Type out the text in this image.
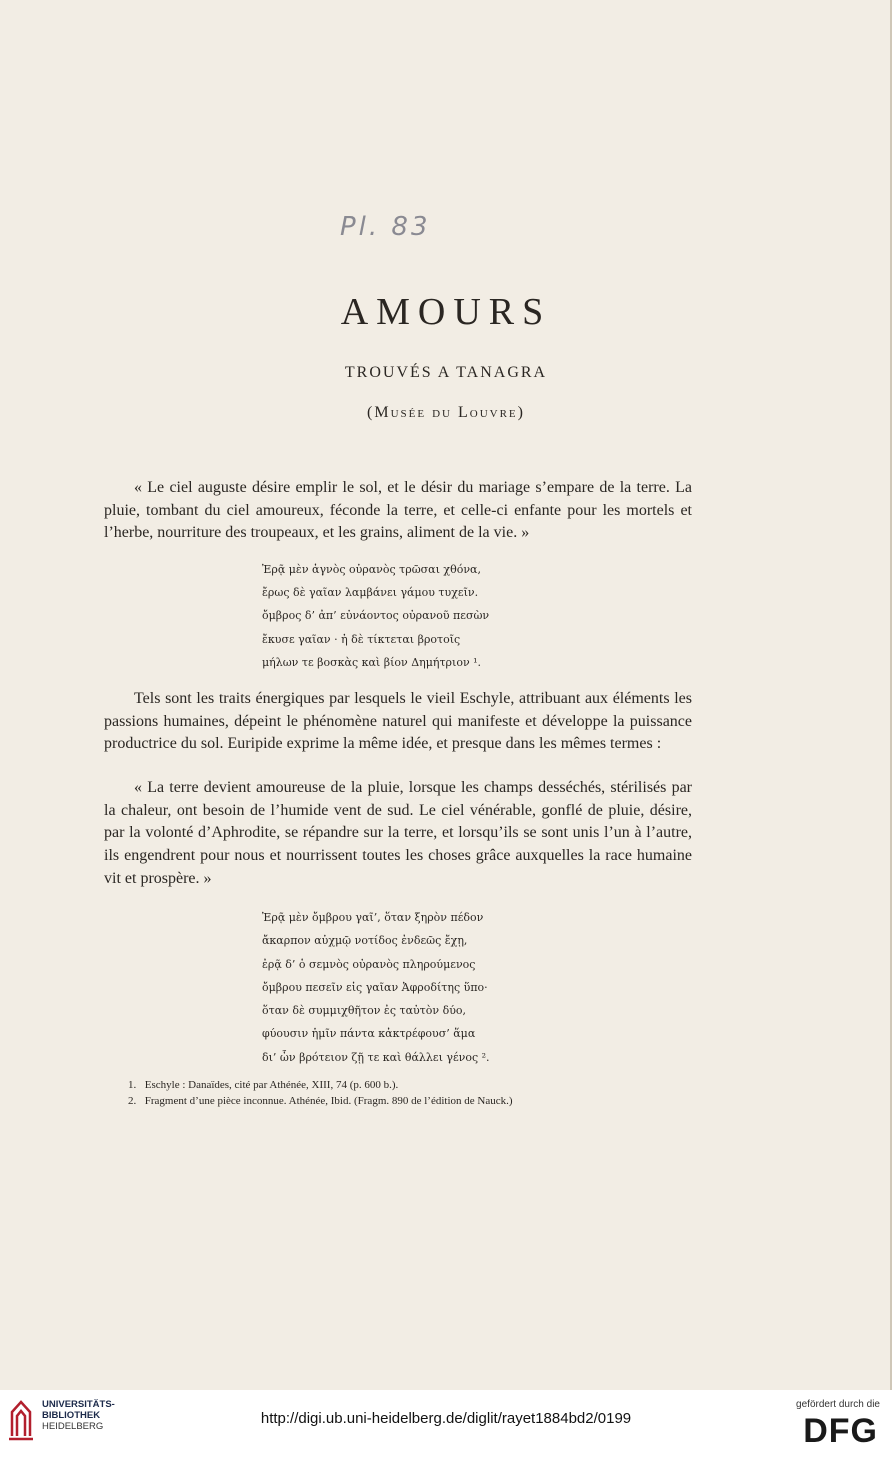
Pl. 83
AMOURS
TROUVÉS A TANAGRA
(Musée du Louvre)

« Le ciel auguste désire emplir le sol, et le désir du mariage s’empare de la terre. La pluie, tombant du ciel amoureux, féconde la terre, et celle-ci enfante pour les mortels et l’herbe, nourriture des troupeaux, et les grains, aliment de la vie. »

Ἐρᾷ μὲν ἁγνὸς οὐρανὸς τρῶσαι χθόνα,
ἔρως δὲ γαῖαν λαμβάνει γάμου τυχεῖν.
ὄμβρος δ’ ἀπ’ εὐνάοντος οὐρανοῦ πεσὼν
ἔκυσε γαῖαν · ἡ δὲ τίκτεται βροτοῖς
μήλων τε βοσκὰς καὶ βίον Δημήτριον ¹.

Tels sont les traits énergiques par lesquels le vieil Eschyle, attribuant aux éléments les passions humaines, dépeint le phénomène naturel qui manifeste et développe la puissance productrice du sol. Euripide exprime la même idée, et presque dans les mêmes termes :

« La terre devient amoureuse de la pluie, lorsque les champs desséchés, stérilisés par la chaleur, ont besoin de l’humide vent de sud. Le ciel vénérable, gonflé de pluie, désire, par la volonté d’Aphrodite, se répandre sur la terre, et lorsqu’ils se sont unis l’un à l’autre, ils engendrent pour nous et nourrissent toutes les choses grâce auxquelles la race humaine vit et prospère. »

Ἐρᾷ μὲν ὄμβρου γαῖ’, ὅταν ξηρὸν πέδον
ἄκαρπον αὐχμῷ νοτίδος ἐνδεῶς ἔχῃ,
ἐρᾷ δ’ ὁ σεμνὸς οὐρανὸς πληρούμενος
ὄμβρου πεσεῖν εἰς γαῖαν Ἀφροδίτης ὕπο·
ὅταν δὲ συμμιχθῆτον ἐς ταὐτὸν δύο,
φύουσιν ἡμῖν πάντα κἀκτρέφουσ’ ἅμα
δι’ ὧν βρότειον ζῇ τε καὶ θάλλει γένος ².
1. Eschyle : Danaïdes, cité par Athénée, XIII, 74 (p. 600 b.).
2. Fragment d’une pièce inconnue. Athénée, Ibid. (Fragm. 890 de l’édition de Nauck.)
UNIVERSITÄTS-
BIBLIOTHEK
HEIDELBERG	http://digi.ub.uni-heidelberg.de/diglit/rayet1884bd2/0199
gefördert durch die
DFG
